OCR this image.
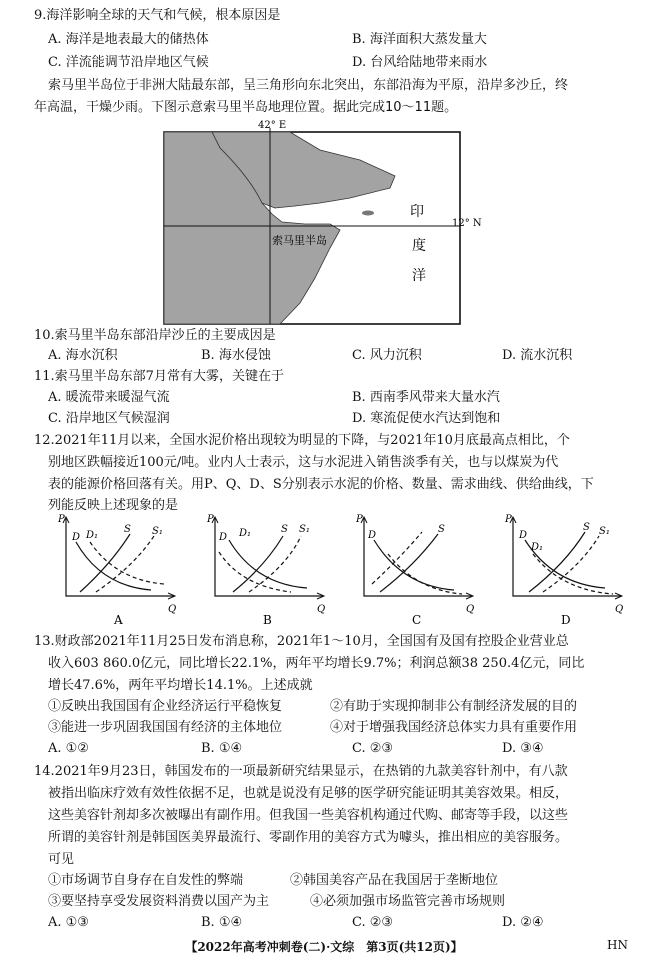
9.海洋影响全球的天气和气候，根本原因是
A. 海洋是地表最大的储热体	B. 海洋面积大蒸发量大
C. 洋流能调节沿岸地区气候	D. 台风给陆地带来雨水
索马里半岛位于非洲大陆最东部，呈三角形向东北突出，东部沿海为平原，沿岸多沙丘，终
年高温，干燥少雨。下图示意索马里半岛地理位置。据此完成10～11题。
42° E
12° N
索马里半岛
印
度
洋
10.索马里半岛东部沿岸沙丘的主要成因是
A. 海水沉积	B. 海水侵蚀	C. 风力沉积	D. 流水沉积
11.索马里半岛东部7月常有大雾，关键在于
A. 暖流带来暖湿气流	B. 西南季风带来大量水汽
C. 沿岸地区气候湿润	D. 寒流促使水汽达到饱和
12.2021年11月以来，全国水泥价格出现较为明显的下降，与2021年10月底最高点相比，个
别地区跌幅接近100元/吨。业内人士表示，这与水泥进入销售淡季有关，也与以煤炭为代
表的能源价格回落有关。用P、Q、D、S分别表示水泥的价格、数量、需求曲线、供给曲线，下
列能反映上述现象的是
P
Q
D D₁
S S₁
A
P
Q
D D₁	S S₁
B
P
Q
D
S
C
P
Q
D
D₁
S S₁
D
13.财政部2021年11月25日发布消息称，2021年1～10月，全国国有及国有控股企业营业总
收入603 860.0亿元，同比增长22.1%，两年平均增长9.7%；利润总额38 250.4亿元，同比
增长47.6%，两年平均增长14.1%。上述成就
①反映出我国国有企业经济运行平稳恢复	②有助于实现抑制非公有制经济发展的目的
③能进一步巩固我国国有经济的主体地位	④对于增强我国经济总体实力具有重要作用
A. ①②	B. ①④	C. ②③	D. ③④
14.2021年9月23日，韩国发布的一项最新研究结果显示，在热销的九款美容针剂中，有八款
被指出临床疗效有效性依据不足，也就是说没有足够的医学研究能证明其美容效果。相反，
这些美容针剂却多次被曝出有副作用。但我国一些美容机构通过代购、邮寄等手段，以这些
所谓的美容针剂是韩国医美界最流行、零副作用的美容方式为噱头，推出相应的美容服务。
可见
①市场调节自身存在自发性的弊端	②韩国美容产品在我国居于垄断地位
③要坚持享受发展资料消费以国产为主	④必须加强市场监管完善市场规则
A. ①③	B. ①④	C. ②③	D. ②④
【2022年高考冲刺卷(二)·文综　第3页(共12页)】	HN
